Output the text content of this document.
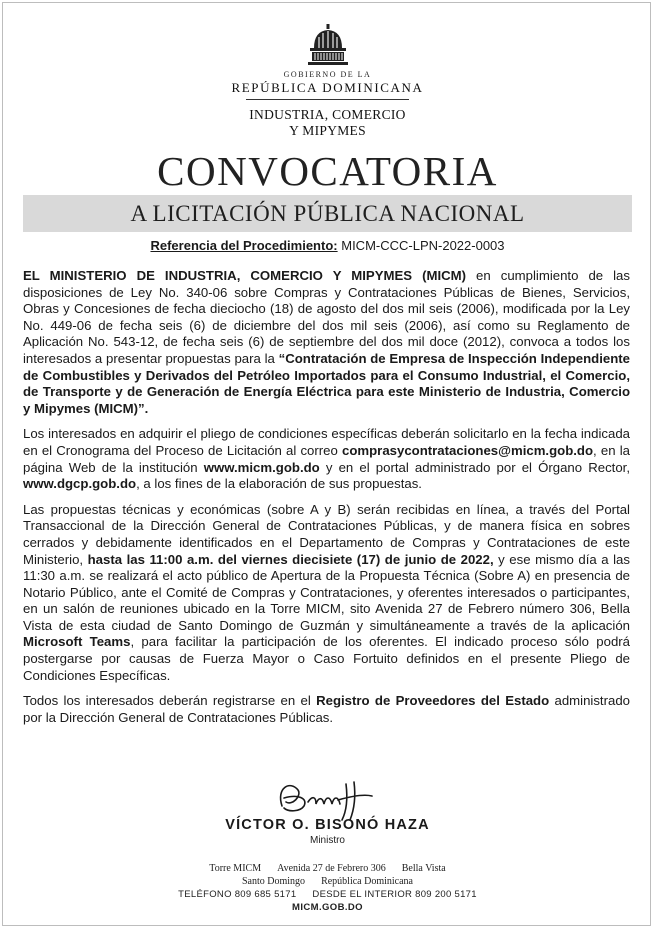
GOBIERNO DE LA
REPÚBLICA DOMINICANA
INDUSTRIA, COMERCIO
Y MIPYMES
CONVOCATORIA
A LICITACIÓN PÚBLICA NACIONAL
Referencia del Procedimiento: MICM-CCC-LPN-2022-0003

EL MINISTERIO DE INDUSTRIA, COMERCIO Y MIPYMES (MICM) en cumplimiento de las disposiciones de Ley No. 340-06 sobre Compras y Contrataciones Públicas de Bienes, Servicios, Obras y Concesiones de fecha dieciocho (18) de agosto del dos mil seis (2006), modificada por la Ley No. 449-06 de fecha seis (6) de diciembre del dos mil seis (2006), así como su Reglamento de Aplicación No. 543-12, de fecha seis (6) de septiembre del dos mil doce (2012), convoca a todos los interesados a presentar propuestas para la “Contratación de Empresa de Inspección Independiente de Combustibles y Derivados del Petróleo Importados para el Consumo Industrial, el Comercio, de Transporte y de Generación de Energía Eléctrica para este Ministerio de Industria, Comercio y Mipymes (MICM)”.

Los interesados en adquirir el pliego de condiciones específicas deberán solicitarlo en la fecha indicada en el Cronograma del Proceso de Licitación al correo comprasycontrataciones@micm.gob.do, en la página Web de la institución www.micm.gob.do y en el portal administrado por el Órgano Rector, www.dgcp.gob.do, a los fines de la elaboración de sus propuestas.

Las propuestas técnicas y económicas (sobre A y B) serán recibidas en línea, a través del Portal Transaccional de la Dirección General de Contrataciones Públicas, y de manera física en sobres cerrados y debidamente identificados en el Departamento de Compras y Contrataciones de este Ministerio, hasta las 11:00 a.m. del viernes diecisiete (17) de junio de 2022, y ese mismo día a las 11:30 a.m. se realizará el acto público de Apertura de la Propuesta Técnica (Sobre A) en presencia de Notario Público, ante el Comité de Compras y Contrataciones, y oferentes interesados o participantes, en un salón de reuniones ubicado en la Torre MICM, sito Avenida 27 de Febrero número 306, Bella Vista de esta ciudad de Santo Domingo de Guzmán y simultáneamente a través de la aplicación Microsoft Teams, para facilitar la participación de los oferentes. El indicado proceso sólo podrá postergarse por causas de Fuerza Mayor o Caso Fortuito definidos en el presente Pliego de Condiciones Específicas.

Todos los interesados deberán registrarse en el Registro de Proveedores del Estado administrado por la Dirección General de Contrataciones Públicas.

VÍCTOR O. BISONÓ HAZA
Ministro
Torre MICM Avenida 27 de Febrero 306 Bella Vista
Santo Domingo República Dominicana
TELÉFONO 809 685 5171 DESDE EL INTERIOR 809 200 5171
MICM.GOB.DO
